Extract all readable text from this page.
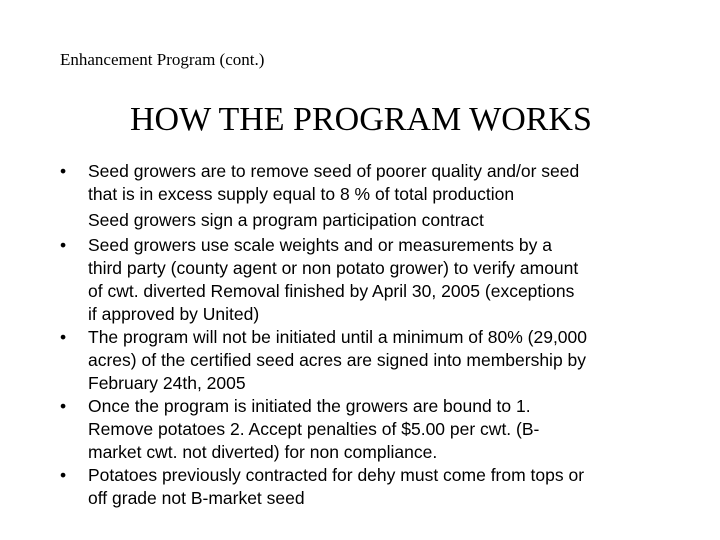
Enhancement Program (cont.)
HOW THE PROGRAM WORKS
•	Seed growers are to remove seed of poorer quality and/or seed
that is in excess supply equal to 8 % of total production
Seed growers sign a program participation contract
•	Seed growers use scale weights and or measurements by a
third party (county agent or non potato grower) to verify amount
of cwt. diverted Removal finished by April 30, 2005 (exceptions
if approved by United)
•	The program will not be initiated until a minimum of 80% (29,000
acres) of the certified seed acres are signed into membership by
February 24th, 2005
•	Once the program is initiated the growers are bound to 1.
Remove potatoes 2. Accept penalties of $5.00 per cwt. (B-
market cwt. not diverted) for non compliance.
•	Potatoes previously contracted for dehy must come from tops or
off grade not B-market seed
